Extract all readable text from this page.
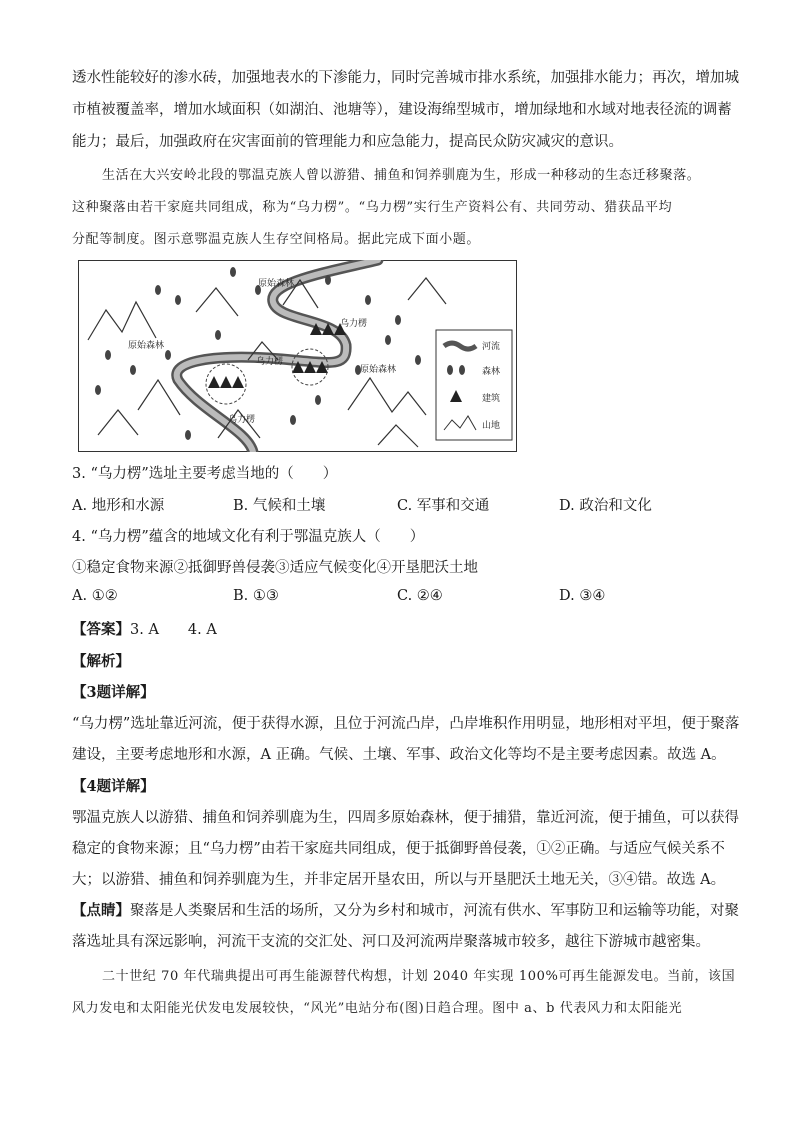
透水性能较好的渗水砖，加强地表水的下渗能力，同时完善城市排水系统，加强排水能力；再次，增加城
市植被覆盖率，增加水域面积（如湖泊、池塘等），建设海绵型城市，增加绿地和水域对地表径流的调蓄
能力；最后，加强政府在灾害面前的管理能力和应急能力，提高民众防灾减灾的意识。
生活在大兴安岭北段的鄂温克族人曾以游猎、捕鱼和饲养驯鹿为生，形成一种移动的生态迁移聚落。
这种聚落由若干家庭共同组成，称为“乌力楞”。“乌力楞”实行生产资料公有、共同劳动、猎获品平均
分配等制度。图示意鄂温克族人生存空间格局。据此完成下面小题。
原始森林
原始森林
原始森林
乌力楞
乌力楞
乌力楞
河流
森林
建筑
山地
3. “乌力楞”选址主要考虑当地的（　　）
A. 地形和水源	B. 气候和土壤	C. 军事和交通	D. 政治和文化
4. “乌力楞”蕴含的地域文化有利于鄂温克族人（　　）
①稳定食物来源②抵御野兽侵袭③适应气候变化④开垦肥沃土地
A. ①②	B. ①③	C. ②④	D. ③④
【答案】3. A　　4. A
【解析】
【3题详解】
“乌力楞”选址靠近河流，便于获得水源，且位于河流凸岸，凸岸堆积作用明显，地形相对平坦，便于聚落
建设，主要考虑地形和水源，A 正确。气候、土壤、军事、政治文化等均不是主要考虑因素。故选 A。
【4题详解】
鄂温克族人以游猎、捕鱼和饲养驯鹿为生，四周多原始森林，便于捕猎，靠近河流，便于捕鱼，可以获得
稳定的食物来源；且“乌力楞”由若干家庭共同组成，便于抵御野兽侵袭，①②正确。与适应气候关系不
大；以游猎、捕鱼和饲养驯鹿为生，并非定居开垦农田，所以与开垦肥沃土地无关，③④错。故选 A。
【点睛】聚落是人类聚居和生活的场所，又分为乡村和城市，河流有供水、军事防卫和运输等功能，对聚
落选址具有深远影响，河流干支流的交汇处、河口及河流两岸聚落城市较多，越往下游城市越密集。
二十世纪 70 年代瑞典提出可再生能源替代构想，计划 2040 年实现 100%可再生能源发电。当前，该国
风力发电和太阳能光伏发电发展较快，“风光”电站分布(图)日趋合理。图中 a、b 代表风力和太阳能光
